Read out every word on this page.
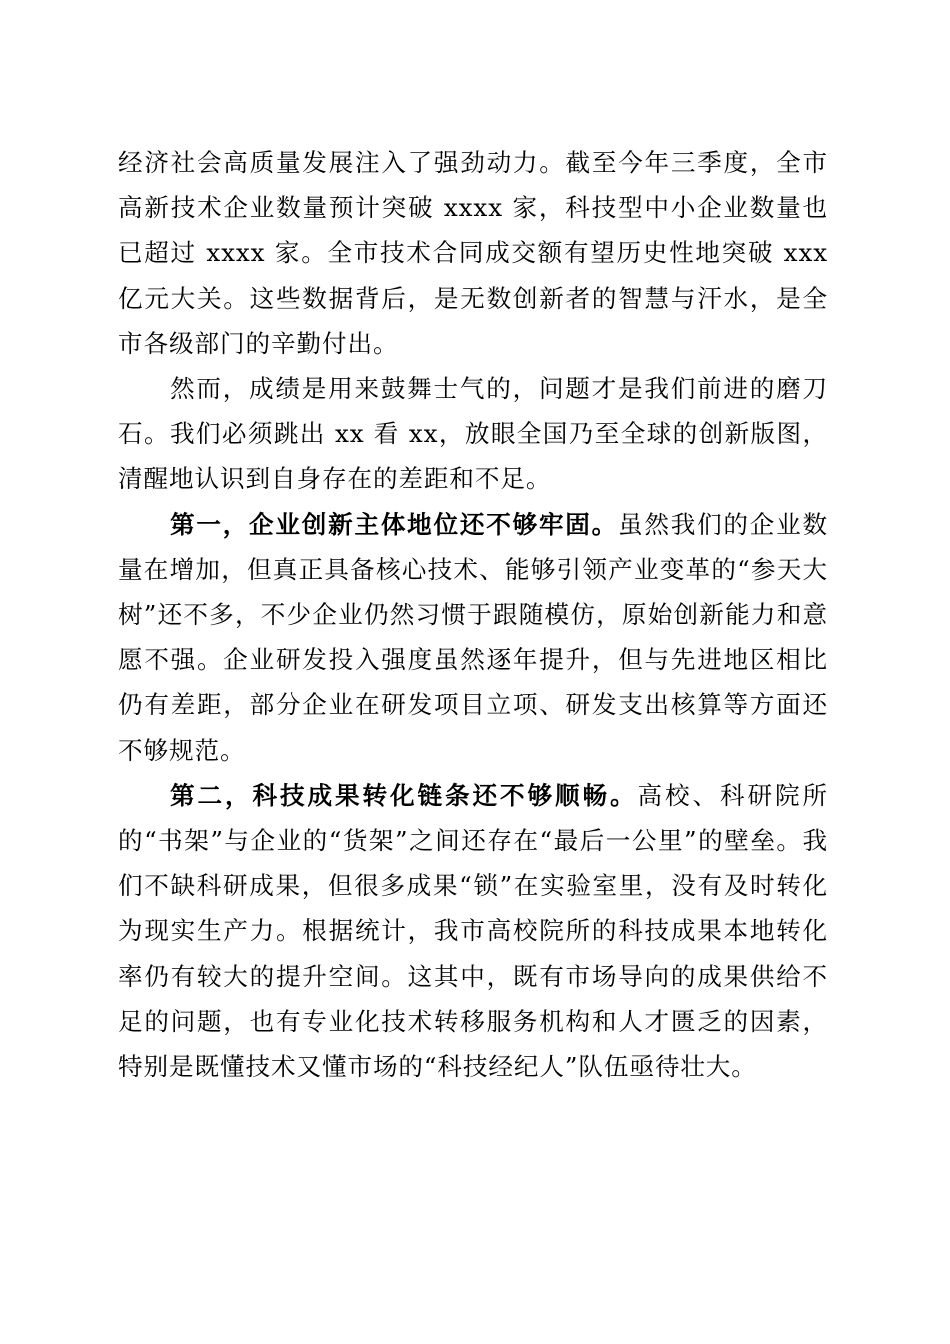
经济社会高质量发展注入了强劲动力。截至今年三季度，全市高新技术企业数量预计突破 xxxx 家，科技型中小企业数量也已超过 xxxx 家。全市技术合同成交额有望历史性地突破 xxx 亿元大关。这些数据背后，是无数创新者的智慧与汗水，是全市各级部门的辛勤付出。

然而，成绩是用来鼓舞士气的，问题才是我们前进的磨刀石。我们必须跳出 xx 看 xx，放眼全国乃至全球的创新版图，清醒地认识到自身存在的差距和不足。

第一，企业创新主体地位还不够牢固。虽然我们的企业数量在增加，但真正具备核心技术、能够引领产业变革的“参天大树”还不多，不少企业仍然习惯于跟随模仿，原始创新能力和意愿不强。企业研发投入强度虽然逐年提升，但与先进地区相比仍有差距，部分企业在研发项目立项、研发支出核算等方面还不够规范。

第二，科技成果转化链条还不够顺畅。高校、科研院所的“书架”与企业的“货架”之间还存在“最后一公里”的壁垒。我们不缺科研成果，但很多成果“锁”在实验室里，没有及时转化为现实生产力。根据统计，我市高校院所的科技成果本地转化率仍有较大的提升空间。这其中，既有市场导向的成果供给不足的问题，也有专业化技术转移服务机构和人才匮乏的因素，特别是既懂技术又懂市场的“科技经纪人”队伍亟待壮大。
